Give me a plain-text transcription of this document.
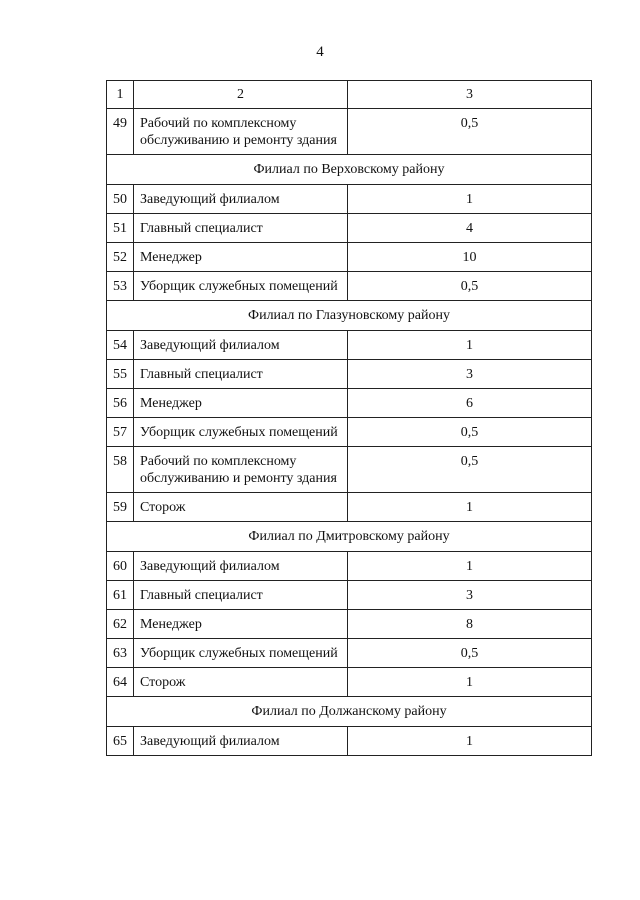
4
1	2	3
49	Рабочий по комплексному обслуживанию и ремонту здания	0,5
Филиал по Верховскому району		
50	Заведующий филиалом	1
51	Главный специалист	4
52	Менеджер	10
53	Уборщик служебных помещений	0,5
Филиал по Глазуновскому району		
54	Заведующий филиалом	1
55	Главный специалист	3
56	Менеджер	6
57	Уборщик служебных помещений	0,5
58	Рабочий по комплексному обслуживанию и ремонту здания	0,5
59	Сторож	1
Филиал по Дмитровскому району		
60	Заведующий филиалом	1
61	Главный специалист	3
62	Менеджер	8
63	Уборщик служебных помещений	0,5
64	Сторож	1
Филиал по Должанскому району		
65	Заведующий филиалом	1
